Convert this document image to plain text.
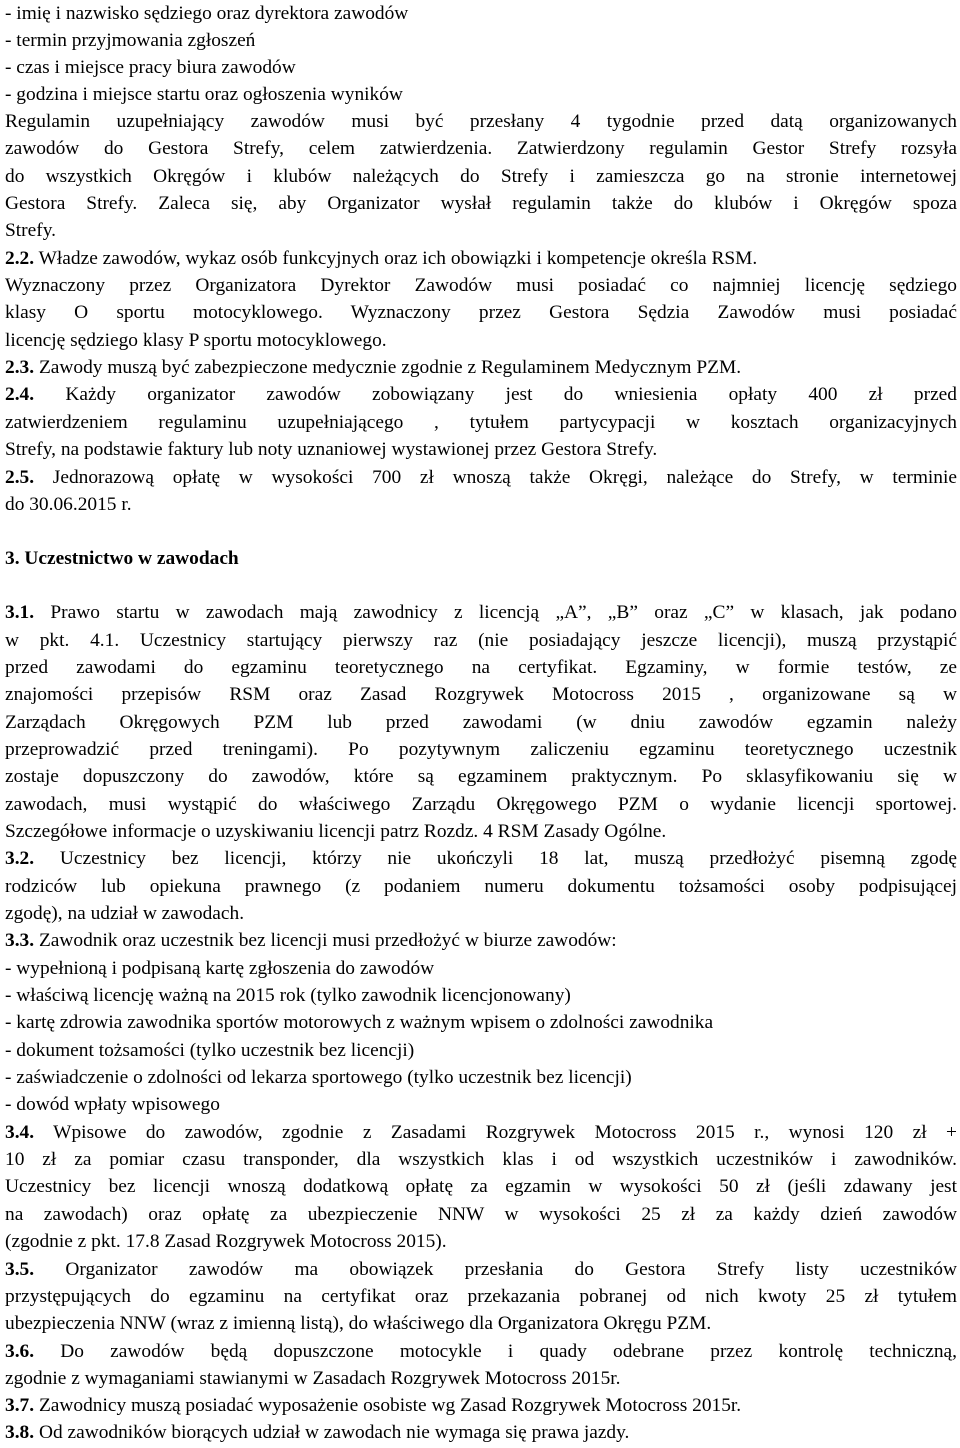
- imię i nazwisko sędziego oraz dyrektora zawodów
- termin przyjmowania zgłoszeń
- czas i miejsce pracy biura zawodów
- godzina i miejsce startu oraz ogłoszenia wyników
Regulamin uzupełniający zawodów musi być przesłany 4 tygodnie przed datą organizowanych
zawodów do Gestora Strefy, celem zatwierdzenia. Zatwierdzony regulamin Gestor Strefy rozsyła
do wszystkich Okręgów i klubów należących do Strefy i zamieszcza go na stronie internetowej
Gestora Strefy. Zaleca się, aby Organizator wysłał regulamin także do klubów i Okręgów spoza
Strefy.
2.2. Władze zawodów, wykaz osób funkcyjnych oraz ich obowiązki i kompetencje określa RSM.
Wyznaczony przez Organizatora Dyrektor Zawodów musi posiadać co najmniej licencję sędziego
klasy O sportu motocyklowego. Wyznaczony przez Gestora Sędzia Zawodów musi posiadać
licencję sędziego klasy P sportu motocyklowego.
2.3. Zawody muszą być zabezpieczone medycznie zgodnie z Regulaminem Medycznym PZM.
2.4. Każdy organizator zawodów zobowiązany jest do wniesienia opłaty 400 zł przed
zatwierdzeniem regulaminu uzupełniającego , tytułem partycypacji w kosztach organizacyjnych
Strefy, na podstawie faktury lub noty uznaniowej wystawionej przez Gestora Strefy.
2.5. Jednorazową opłatę w wysokości 700 zł wnoszą także Okręgi, należące do Strefy, w terminie
do 30.06.2015 r.
3. Uczestnictwo w zawodach
3.1. Prawo startu w zawodach mają zawodnicy z licencją „A”, „B” oraz „C” w klasach, jak podano
w pkt. 4.1. Uczestnicy startujący pierwszy raz (nie posiadający jeszcze licencji), muszą przystąpić
przed zawodami do egzaminu teoretycznego na certyfikat. Egzaminy, w formie testów, ze
znajomości przepisów RSM oraz Zasad Rozgrywek Motocross 2015 , organizowane są w
Zarządach Okręgowych PZM lub przed zawodami (w dniu zawodów egzamin należy
przeprowadzić przed treningami). Po pozytywnym zaliczeniu egzaminu teoretycznego uczestnik
zostaje dopuszczony do zawodów, które są egzaminem praktycznym. Po sklasyfikowaniu się w
zawodach, musi wystąpić do właściwego Zarządu Okręgowego PZM o wydanie licencji sportowej.
Szczegółowe informacje o uzyskiwaniu licencji patrz Rozdz. 4 RSM Zasady Ogólne.
3.2. Uczestnicy bez licencji, którzy nie ukończyli 18 lat, muszą przedłożyć pisemną zgodę
rodziców lub opiekuna prawnego (z podaniem numeru dokumentu tożsamości osoby podpisującej
zgodę), na udział w zawodach.
3.3. Zawodnik oraz uczestnik bez licencji musi przedłożyć w biurze zawodów:
- wypełnioną i podpisaną kartę zgłoszenia do zawodów
- właściwą licencję ważną na 2015 rok (tylko zawodnik licencjonowany)
- kartę zdrowia zawodnika sportów motorowych z ważnym wpisem o zdolności zawodnika
- dokument tożsamości (tylko uczestnik bez licencji)
- zaświadczenie o zdolności od lekarza sportowego (tylko uczestnik bez licencji)
- dowód wpłaty wpisowego
3.4. Wpisowe do zawodów, zgodnie z Zasadami Rozgrywek Motocross 2015 r., wynosi 120 zł +
10 zł za pomiar czasu transponder, dla wszystkich klas i od wszystkich uczestników i zawodników.
Uczestnicy bez licencji wnoszą dodatkową opłatę za egzamin w wysokości 50 zł (jeśli zdawany jest
na zawodach) oraz opłatę za ubezpieczenie NNW w wysokości 25 zł za każdy dzień zawodów
(zgodnie z pkt. 17.8 Zasad Rozgrywek Motocross 2015).
3.5. Organizator zawodów ma obowiązek przesłania do Gestora Strefy listy uczestników
przystępujących do egzaminu na certyfikat oraz przekazania pobranej od nich kwoty 25 zł tytułem
ubezpieczenia NNW (wraz z imienną listą), do właściwego dla Organizatora Okręgu PZM.
3.6. Do zawodów będą dopuszczone motocykle i quady odebrane przez kontrolę techniczną,
zgodnie z wymaganiami stawianymi w Zasadach Rozgrywek Motocross 2015r.
3.7. Zawodnicy muszą posiadać wyposażenie osobiste wg Zasad Rozgrywek Motocross 2015r.
3.8. Od zawodników biorących udział w zawodach nie wymaga się prawa jazdy.
